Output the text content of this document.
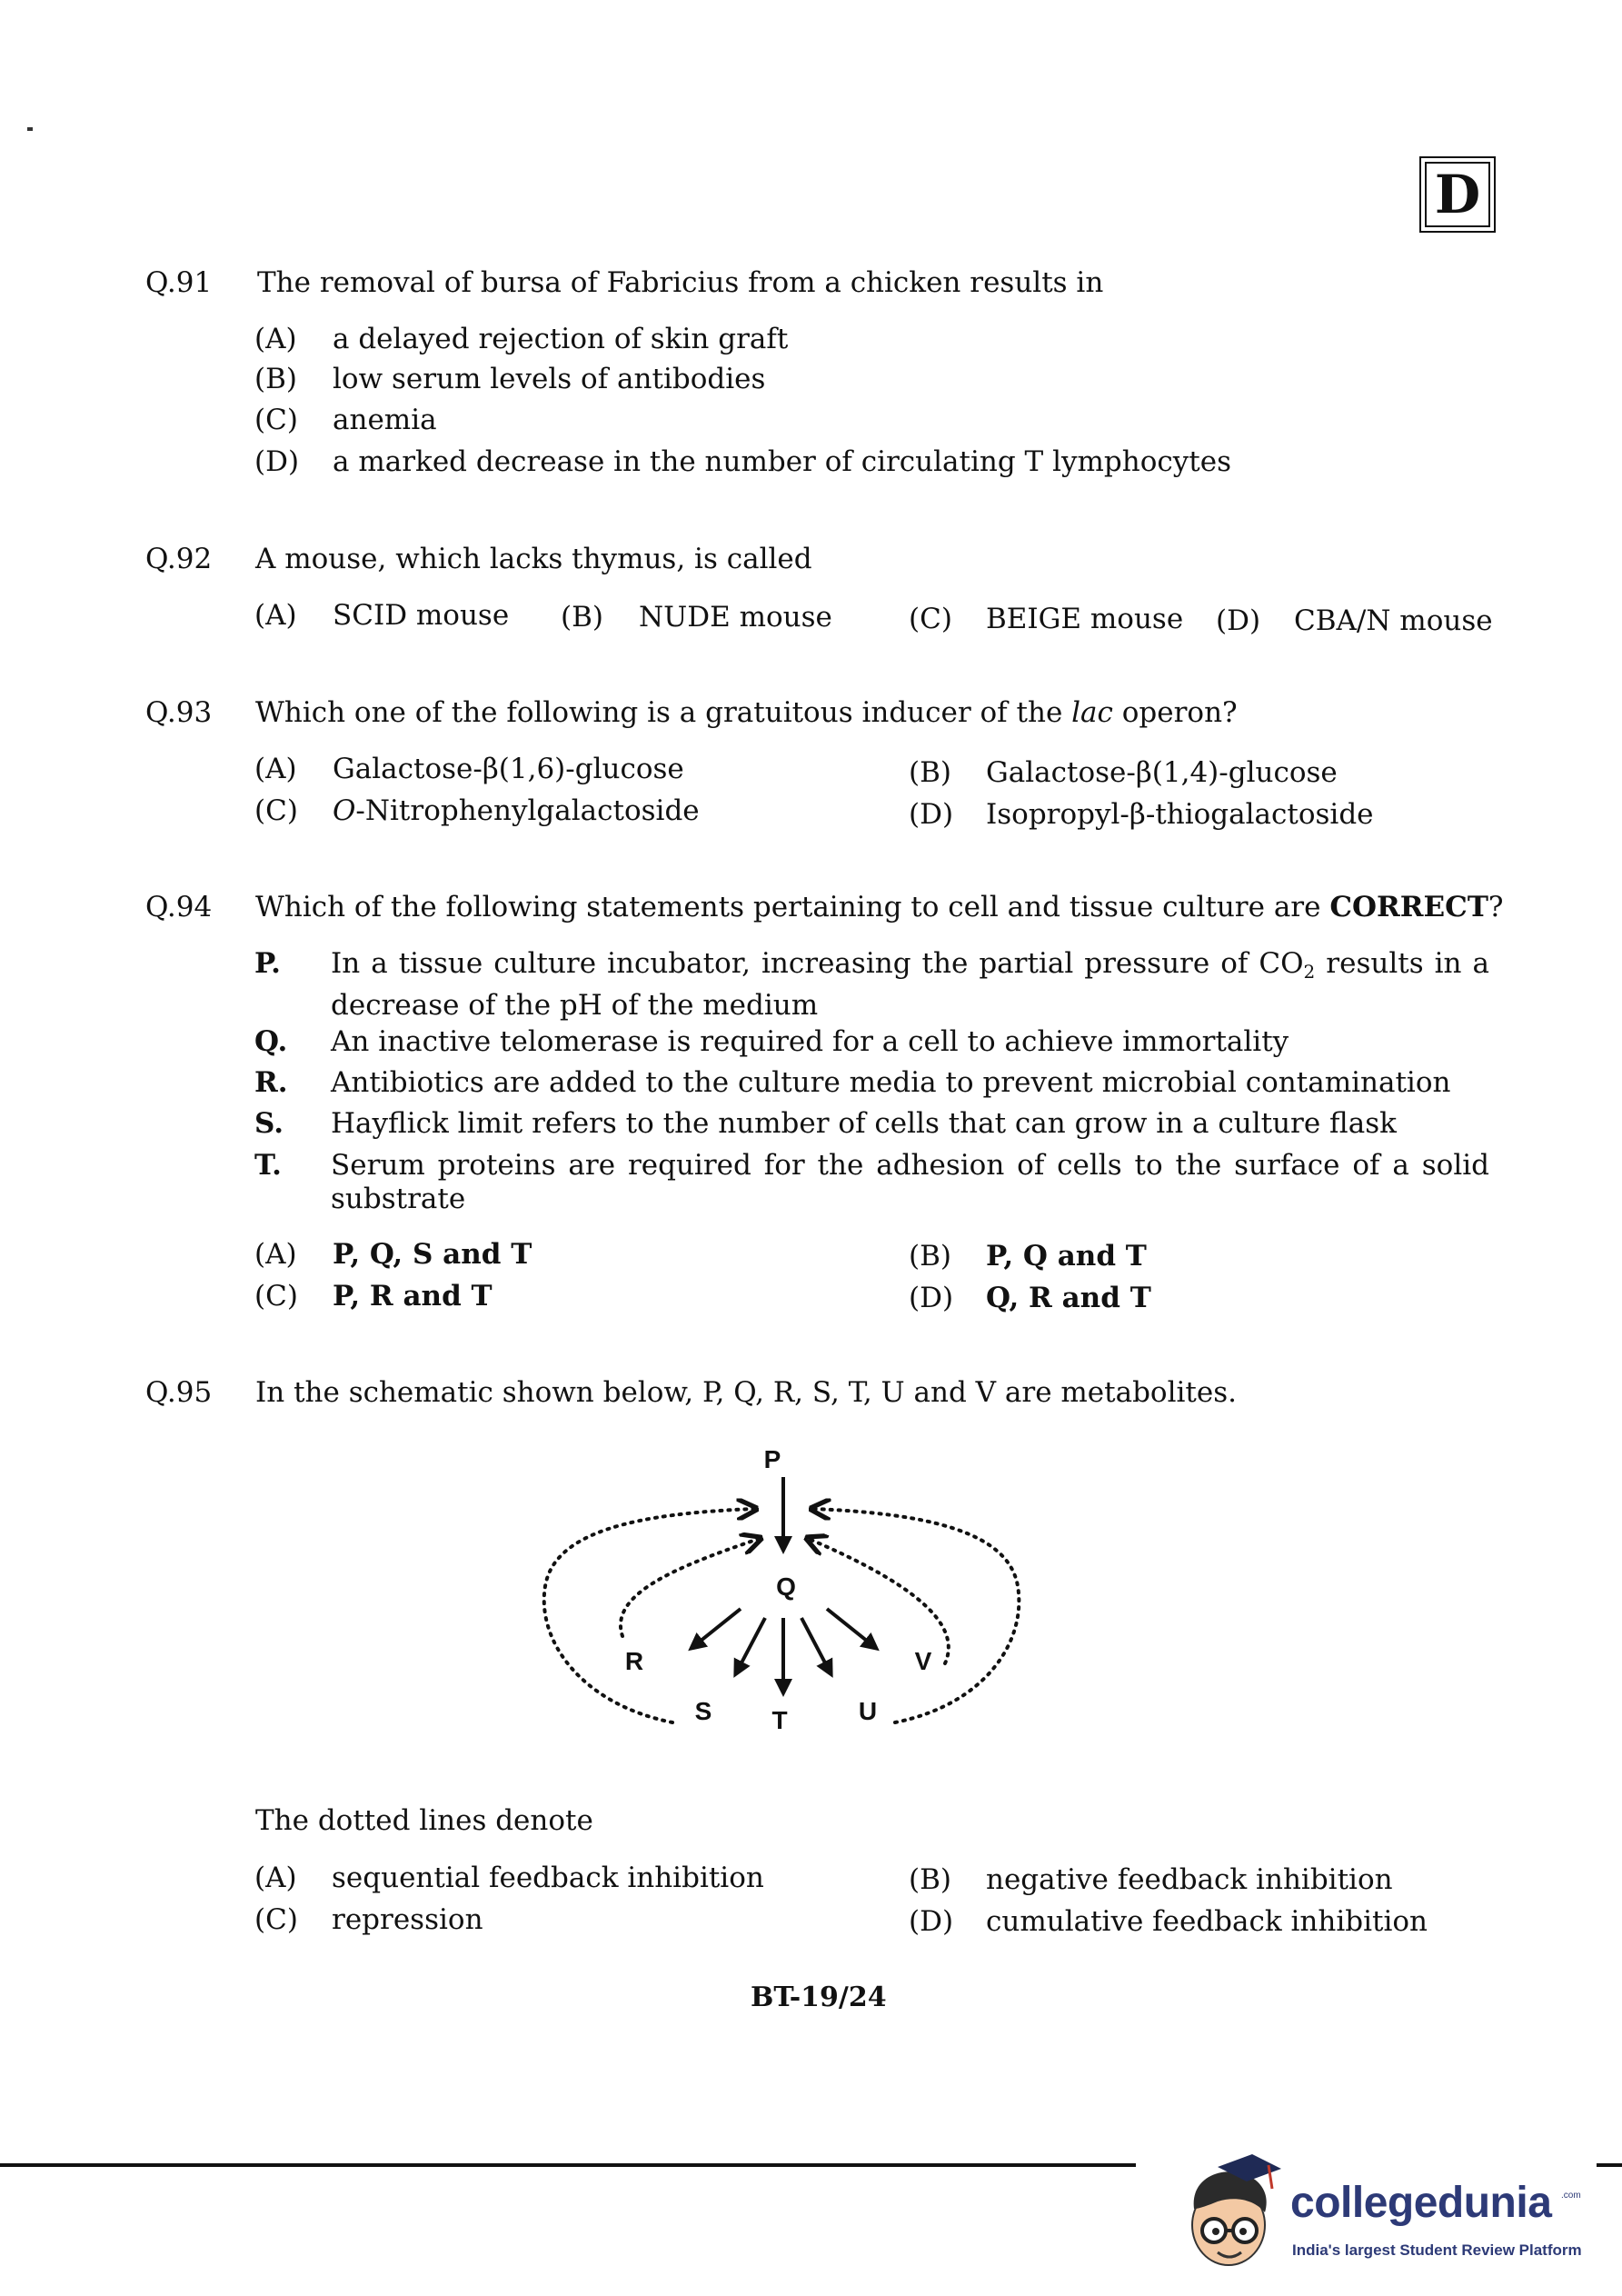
D
Q.91 The removal of bursa of Fabricius from a chicken results in
(A) a delayed rejection of skin graft
(B) low serum levels of antibodies
(C) anemia
(D) a marked decrease in the number of circulating T lymphocytes
Q.92 A mouse, which lacks thymus, is called
(A) SCID mouse (B) NUDE mouse	(C) BEIGE mouse (D) CBA/N mouse
Q.93 Which one of the following is a gratuitous inducer of the lac operon?
(A) Galactose-β(1,6)-glucose	(B) Galactose-β(1,4)-glucose
(C) O-Nitrophenylgalactoside	(D) Isopropyl-β-thiogalactoside
Q.94 Which of the following statements pertaining to cell and tissue culture are CORRECT?
P. In a tissue culture incubator, increasing the partial pressure of $CO_2$ results in a decrease of the pH of the medium
Q. An inactive telomerase is required for a cell to achieve immortality
R. Antibiotics are added to the culture media to prevent microbial contamination
S. Hayflick limit refers to the number of cells that can grow in a culture flask
T. Serum proteins are required for the adhesion of cells to the surface of a solid substrate
(A) P, Q, S and T	(B) P, Q and T
(C) P, R and T	(D) Q, R and T
Q.95 In the schematic shown below, P, Q, R, S, T, U and V are metabolites.
P
Q
R
S T	U
V
The dotted lines denote
(A) sequential feedback inhibition	(B) negative feedback inhibition
(C) repression	(D) cumulative feedback inhibition
BT-19/24
collegedunia .com
India's largest Student Review Platform
